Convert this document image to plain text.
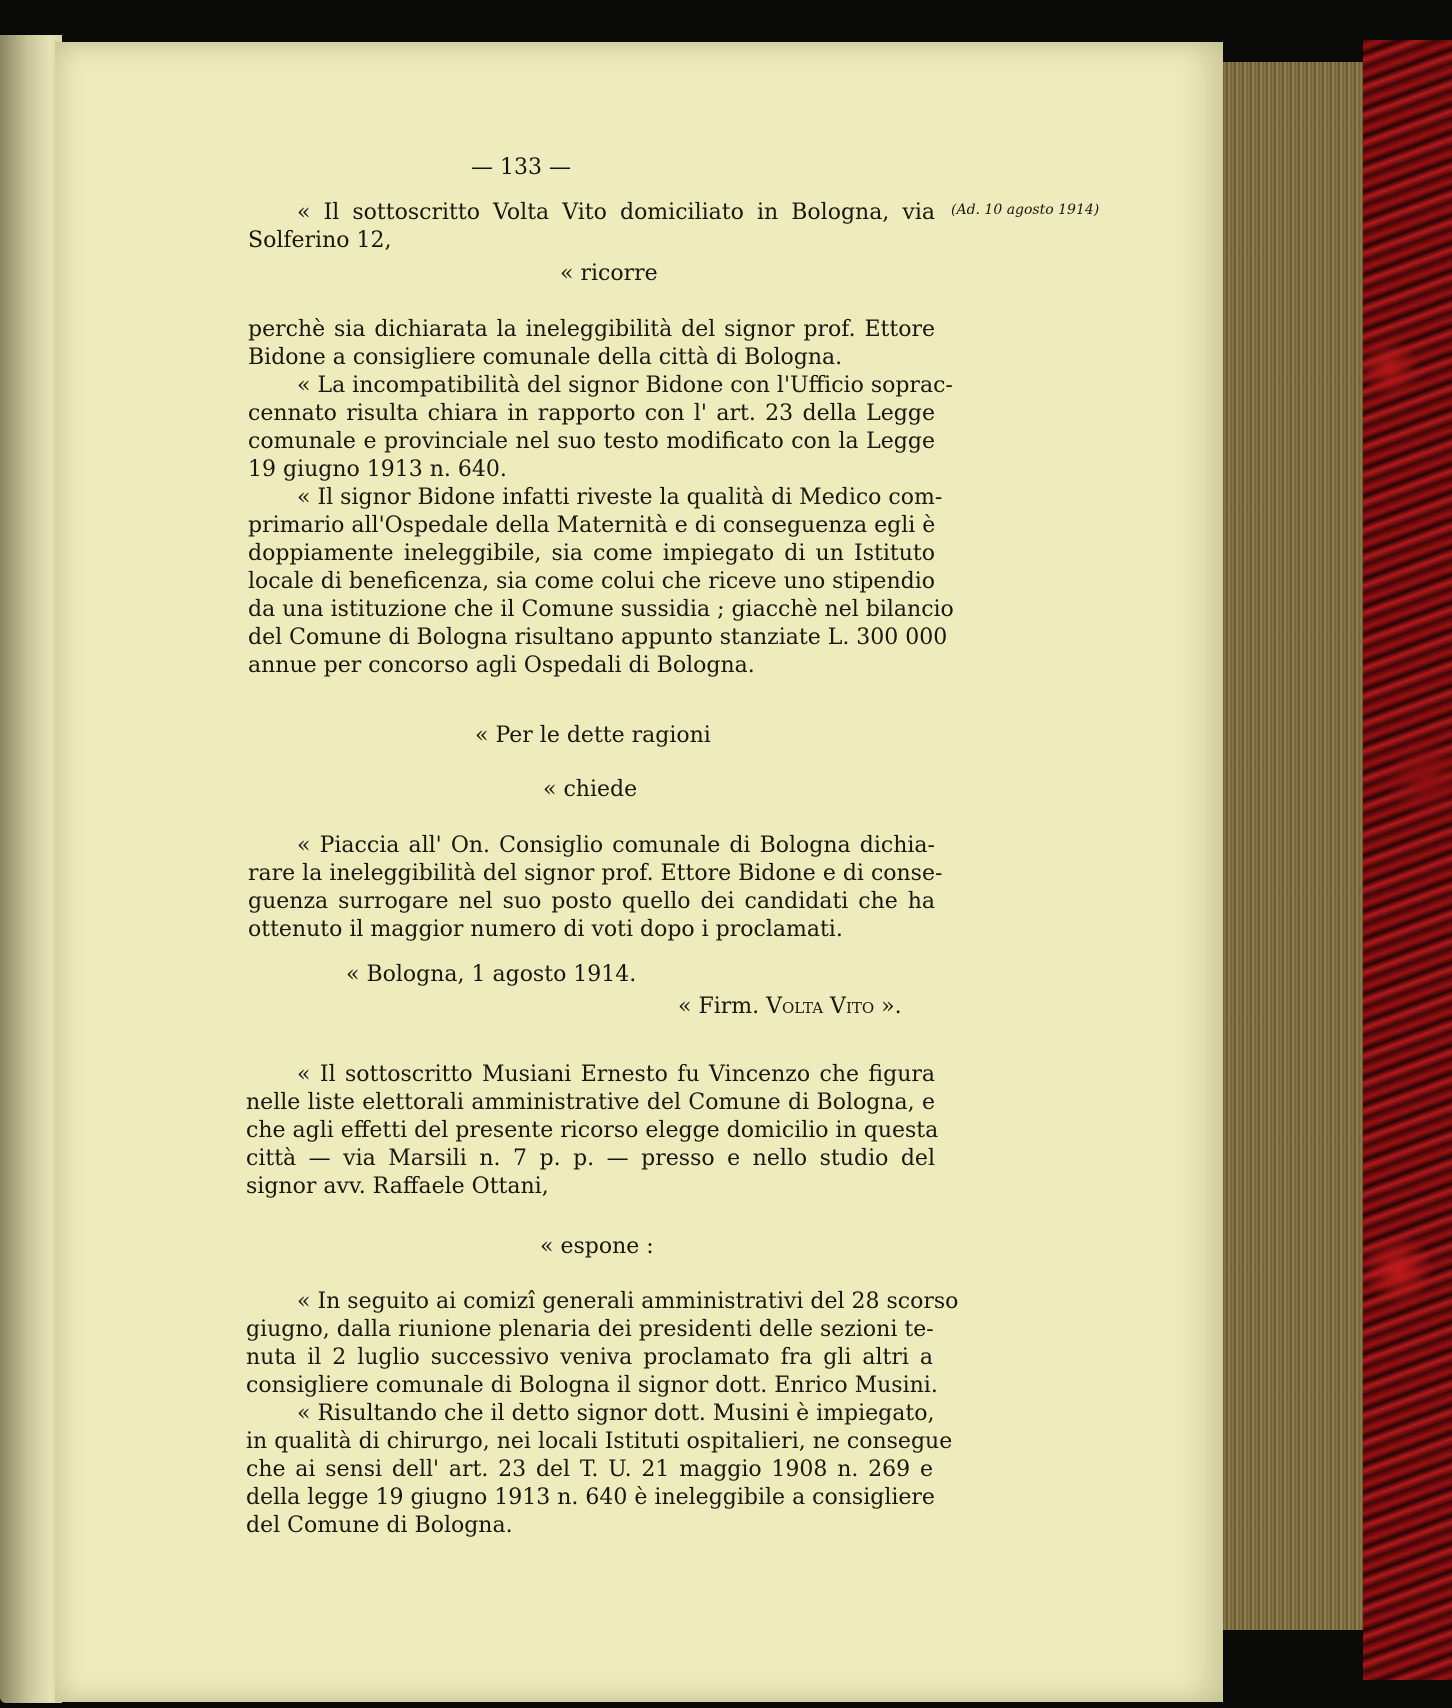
— 133 —
(Ad. 10 agosto 1914)
« Il sottoscritto Volta Vito domiciliato in Bologna, via
Solferino 12,
« ricorre
perchè sia dichiarata la ineleggibilità del signor prof. Ettore
Bidone a consigliere comunale della città di Bologna.
« La incompatibilità del signor Bidone con l'Ufficio soprac-
cennato risulta chiara in rapporto con l' art. 23 della Legge
comunale e provinciale nel suo testo modificato con la Legge
19 giugno 1913 n. 640.
« Il signor Bidone infatti riveste la qualità di Medico com-
primario all'Ospedale della Maternità e di conseguenza egli è
doppiamente ineleggibile, sia come impiegato di un Istituto
locale di beneficenza, sia come colui che riceve uno stipendio
da una istituzione che il Comune sussidia ; giacchè nel bilancio
del Comune di Bologna risultano appunto stanziate L. 300 000
annue per concorso agli Ospedali di Bologna.
« Per le dette ragioni
« chiede
« Piaccia all' On. Consiglio comunale di Bologna dichia-
rare la ineleggibilità del signor prof. Ettore Bidone e di conse-
guenza surrogare nel suo posto quello dei candidati che ha
ottenuto il maggior numero di voti dopo i proclamati.
« Bologna, 1 agosto 1914.
« Firm. Volta Vito ».
« Il sottoscritto Musiani Ernesto fu Vincenzo che figura
nelle liste elettorali amministrative del Comune di Bologna, e
che agli effetti del presente ricorso elegge domicilio in questa
città — via Marsili n. 7 p. p. — presso e nello studio del
signor avv. Raffaele Ottani,
« espone :
« In seguito ai comizî generali amministrativi del 28 scorso
giugno, dalla riunione plenaria dei presidenti delle sezioni te-
nuta il 2 luglio successivo veniva proclamato fra gli altri a
consigliere comunale di Bologna il signor dott. Enrico Musini.
« Risultando che il detto signor dott. Musini è impiegato,
in qualità di chirurgo, nei locali Istituti ospitalieri, ne consegue
che ai sensi dell' art. 23 del T. U. 21 maggio 1908 n. 269 e
della legge 19 giugno 1913 n. 640 è ineleggibile a consigliere
del Comune di Bologna.
